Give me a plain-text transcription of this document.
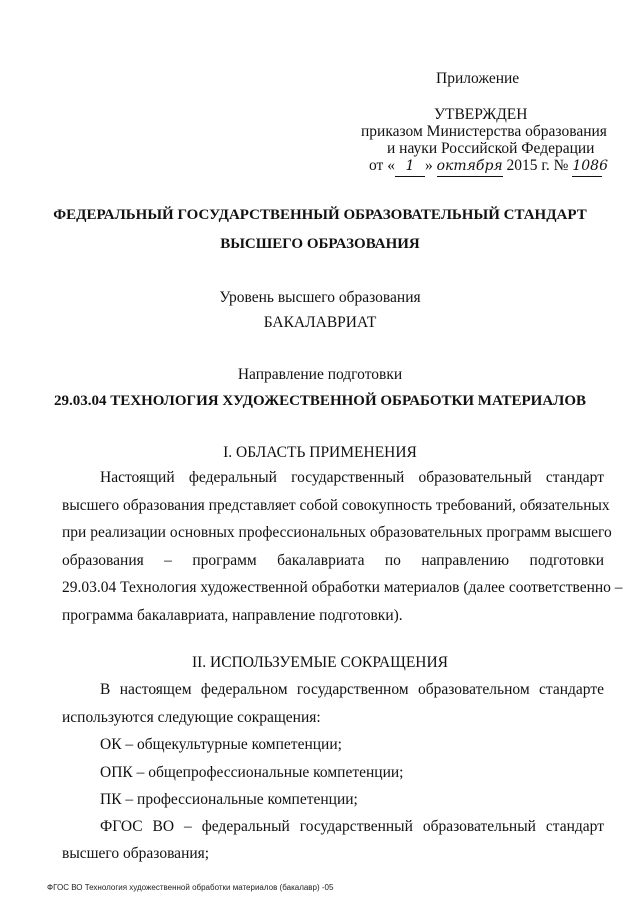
Приложение
УТВЕРЖДЕН
приказом Министерства образования
и науки Российской Федерации
от « 1 » октября 2015 г. № 1086
ФЕДЕРАЛЬНЫЙ ГОСУДАРСТВЕННЫЙ ОБРАЗОВАТЕЛЬНЫЙ СТАНДАРТ
ВЫСШЕГО ОБРАЗОВАНИЯ
Уровень высшего образования
БАКАЛАВРИАТ
Направление подготовки
29.03.04 ТЕХНОЛОГИЯ ХУДОЖЕСТВЕННОЙ ОБРАБОТКИ МАТЕРИАЛОВ
I. ОБЛАСТЬ ПРИМЕНЕНИЯ
Настоящий федеральный государственный образовательный стандарт
высшего образования представляет собой совокупность требований, обязательных
при реализации основных профессиональных образовательных программ высшего
образования – программ бакалавриата по направлению подготовки
29.03.04 Технология художественной обработки материалов (далее соответственно –
программа бакалавриата, направление подготовки).
II. ИСПОЛЬЗУЕМЫЕ СОКРАЩЕНИЯ
В настоящем федеральном государственном образовательном стандарте
используются следующие сокращения:
ОК – общекультурные компетенции;
ОПК – общепрофессиональные компетенции;
ПК – профессиональные компетенции;
ФГОС ВО – федеральный государственный образовательный стандарт
высшего образования;
ФГОС ВО Технология художественной обработки материалов (бакалавр) -05
